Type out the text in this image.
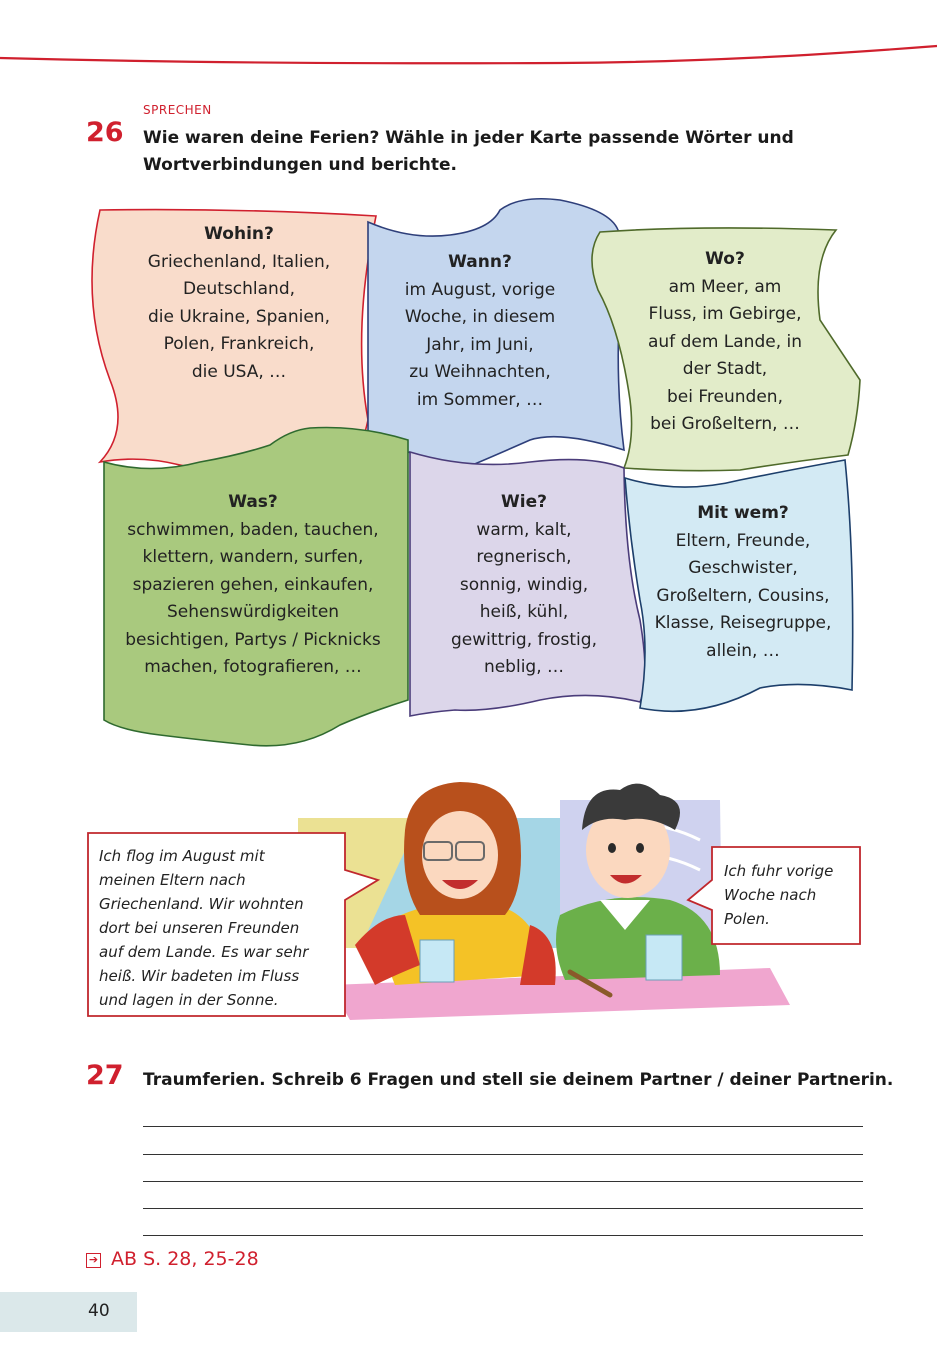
SPRECHEN
26 Wie waren deine Ferien? Wähle in jeder Karte passende Wörter und
Wortverbindungen und berichte.
Wohin?
Griechenland, Italien,
Deutschland,
die Ukraine, Spanien,
Polen, Frankreich,
die USA, …
Wann?
im August, vorige
Woche, in diesem
Jahr, im Juni,
zu Weihnachten,
im Sommer, …
Wo?
am Meer, am
Fluss, im Gebirge,
auf dem Lande, in
der Stadt,
bei Freunden,
bei Großeltern, …
Was?
schwimmen, baden, tauchen,
klettern, wandern, surfen,
spazieren gehen, einkaufen,
Sehenswürdigkeiten
besichtigen, Partys / Picknicks
machen, fotografieren, …
Wie?
warm, kalt,
regnerisch,
sonnig, windig,
heiß, kühl,
gewittrig, frostig,
neblig, …
Mit wem?
Eltern, Freunde,
Geschwister,
Großeltern, Cousins,
Klasse, Reisegruppe,
allein, …
Ich flog im August mit
meinen Eltern nach
Griechenland. Wir wohnten
dort bei unseren Freunden
auf dem Lande. Es war sehr
heiß. Wir badeten im Fluss
und lagen in der Sonne.
Ich fuhr vorige
Woche nach
Polen.
27 Traumferien. Schreib 6 Fragen und stell sie deinem Partner / deiner Partnerin.
➔ AB S. 28, 25-28
40
